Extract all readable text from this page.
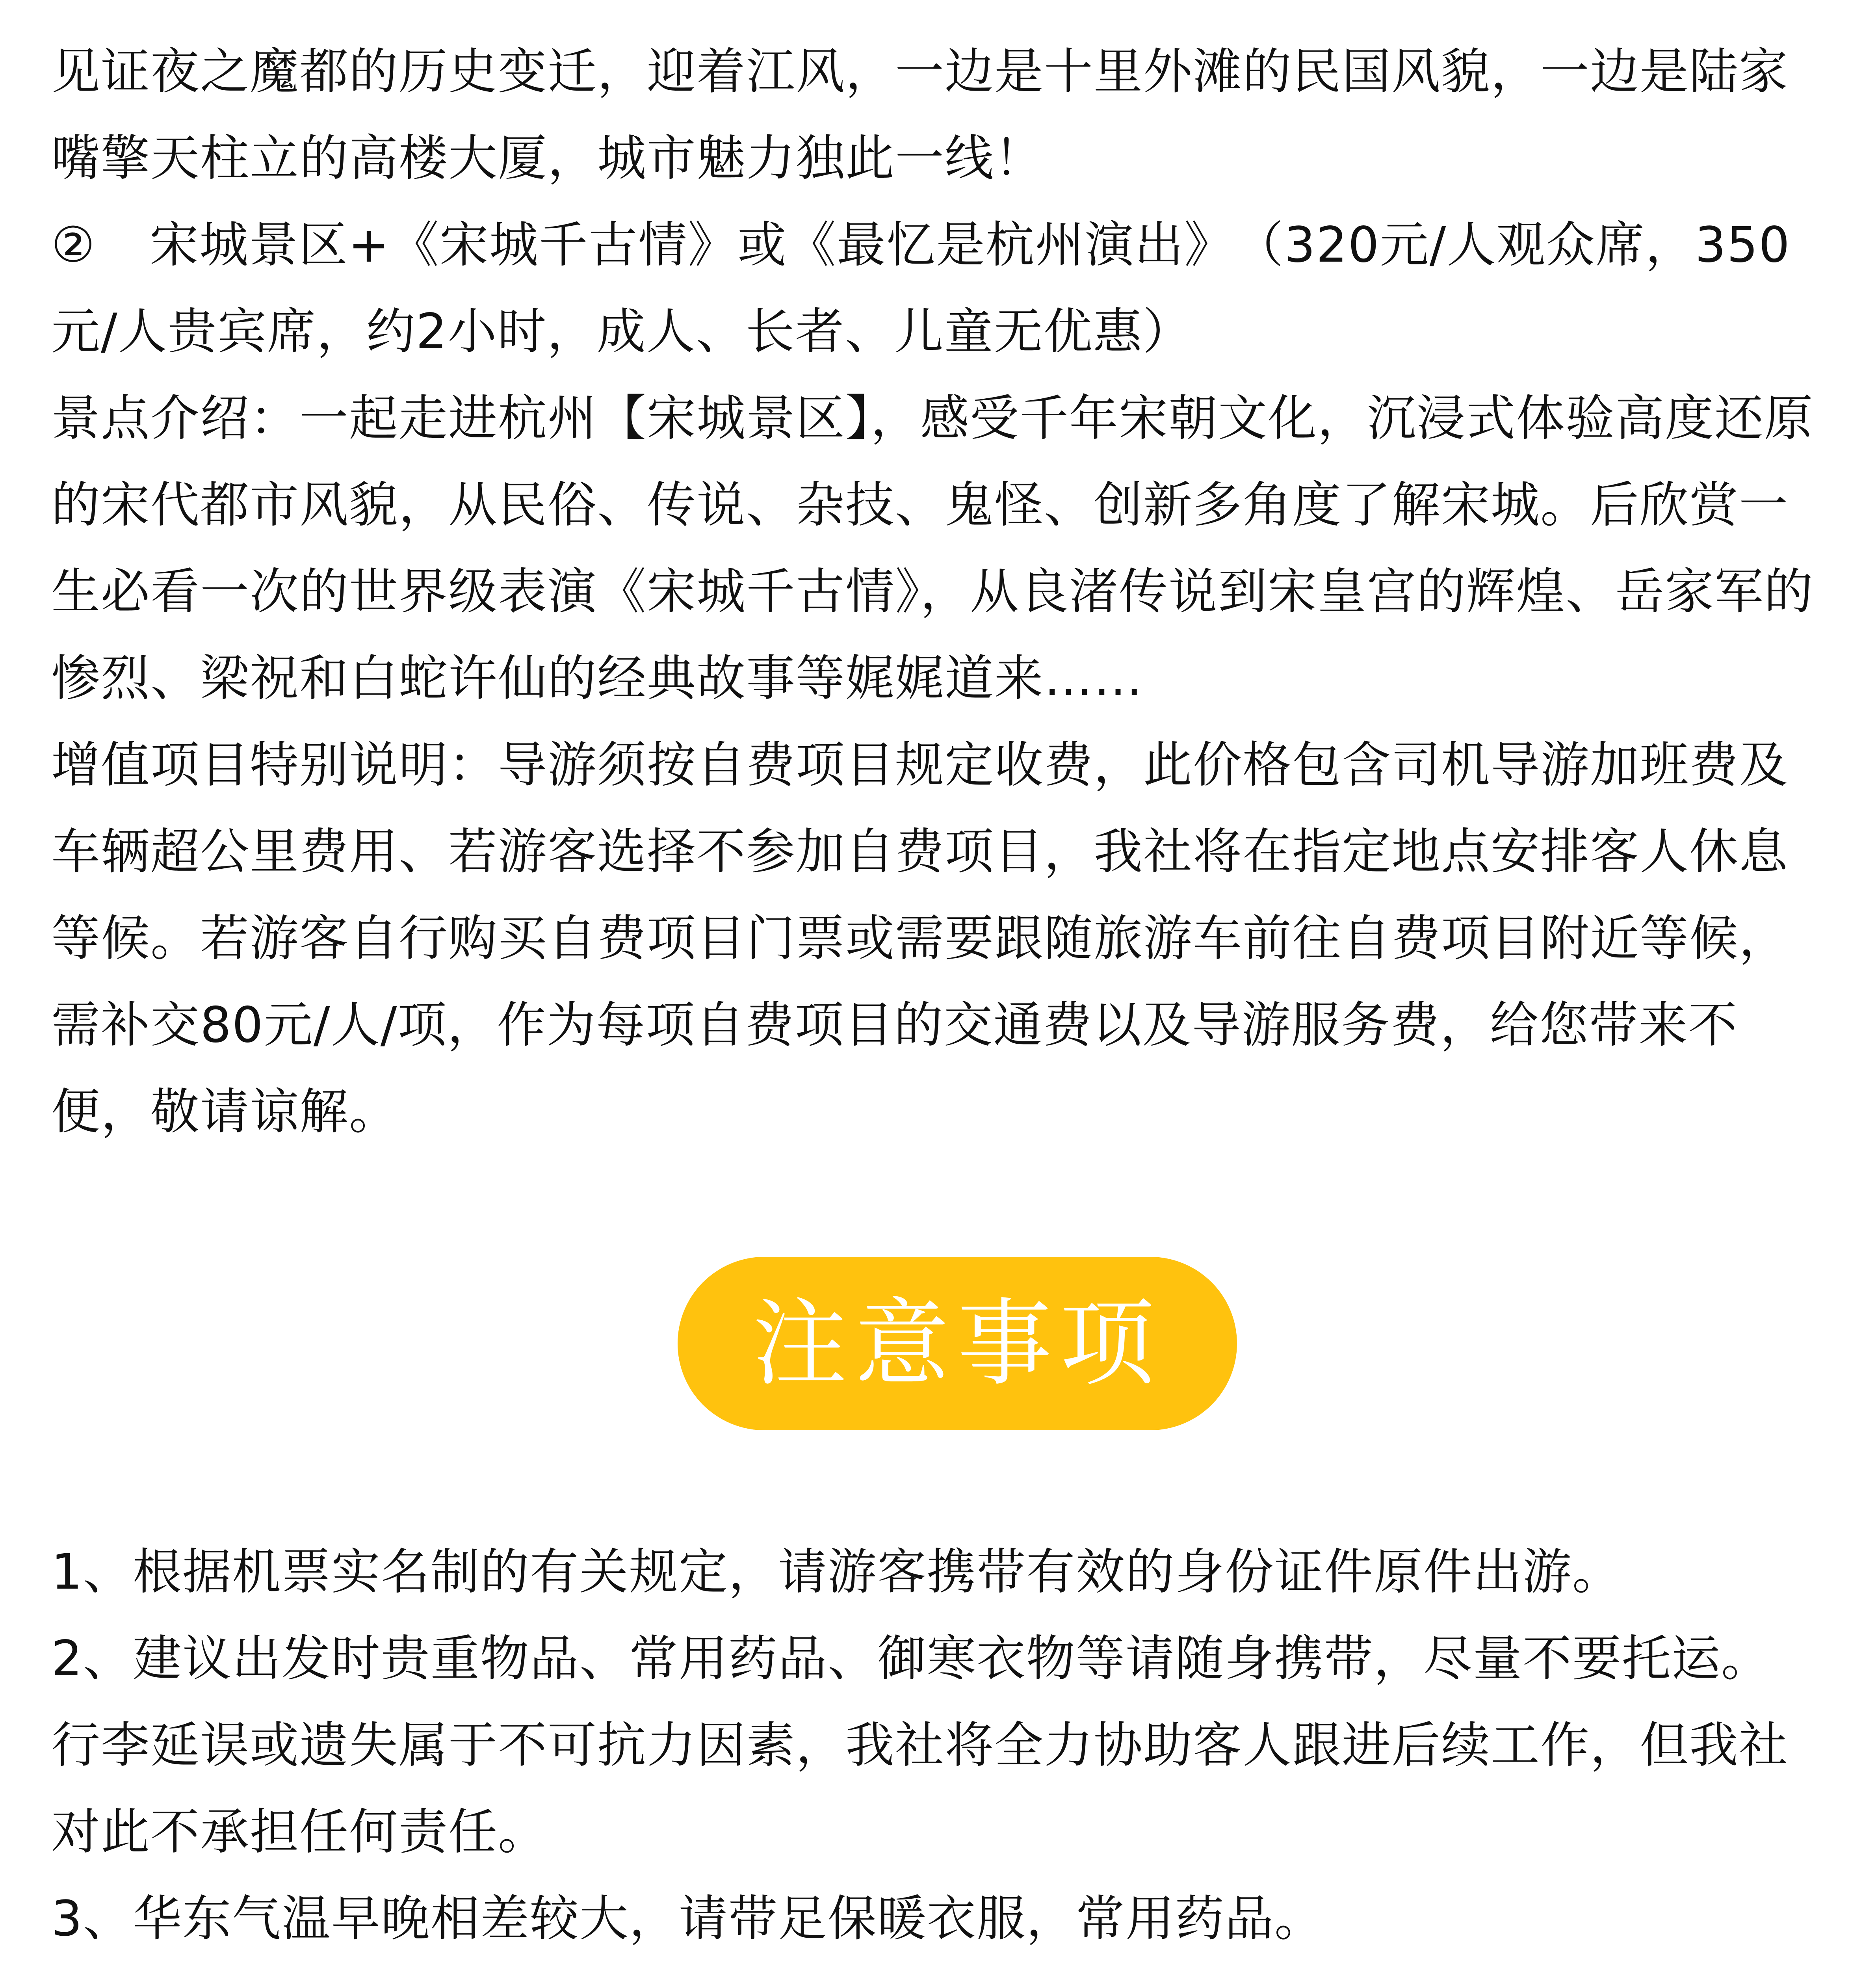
见证夜之魔都的历史变迁，迎着江风，一边是十里外滩的民国风貌，一边是陆家嘴擎天柱立的高楼大厦，城市魅力独此一线！

② 宋城景区+《宋城千古情》或《最忆是杭州演出》　（320元/人观众席，350元/人贵宾席，约2小时，成人、长者、儿童无优惠）

景点介绍：一起走进杭州【宋城景区】，感受千年宋朝文化，沉浸式体验高度还原的宋代都市风貌，从民俗、传说、杂技、鬼怪、创新多角度了解宋城。后欣赏一生必看一次的世界级表演《宋城千古情》，从良渚传说到宋皇宫的辉煌、岳家军的惨烈、梁祝和白蛇许仙的经典故事等娓娓道来……

增值项目特别说明：导游须按自费项目规定收费，此价格包含司机导游加班费及车辆超公里费用、若游客选择不参加自费项目，我社将在指定地点安排客人休息等候。若游客自行购买自费项目门票或需要跟随旅游车前往自费项目附近等候，需补交80元/人/项，作为每项自费项目的交通费以及导游服务费，给您带来不便，敬请谅解。

注意事项

1、根据机票实名制的有关规定，请游客携带有效的身份证件原件出游。

2、建议出发时贵重物品、常用药品、御寒衣物等请随身携带，尽量不要托运。行李延误或遗失属于不可抗力因素，我社将全力协助客人跟进后续工作，但我社对此不承担任何责任。

3、华东气温早晚相差较大，请带足保暖衣服，常用药品。
